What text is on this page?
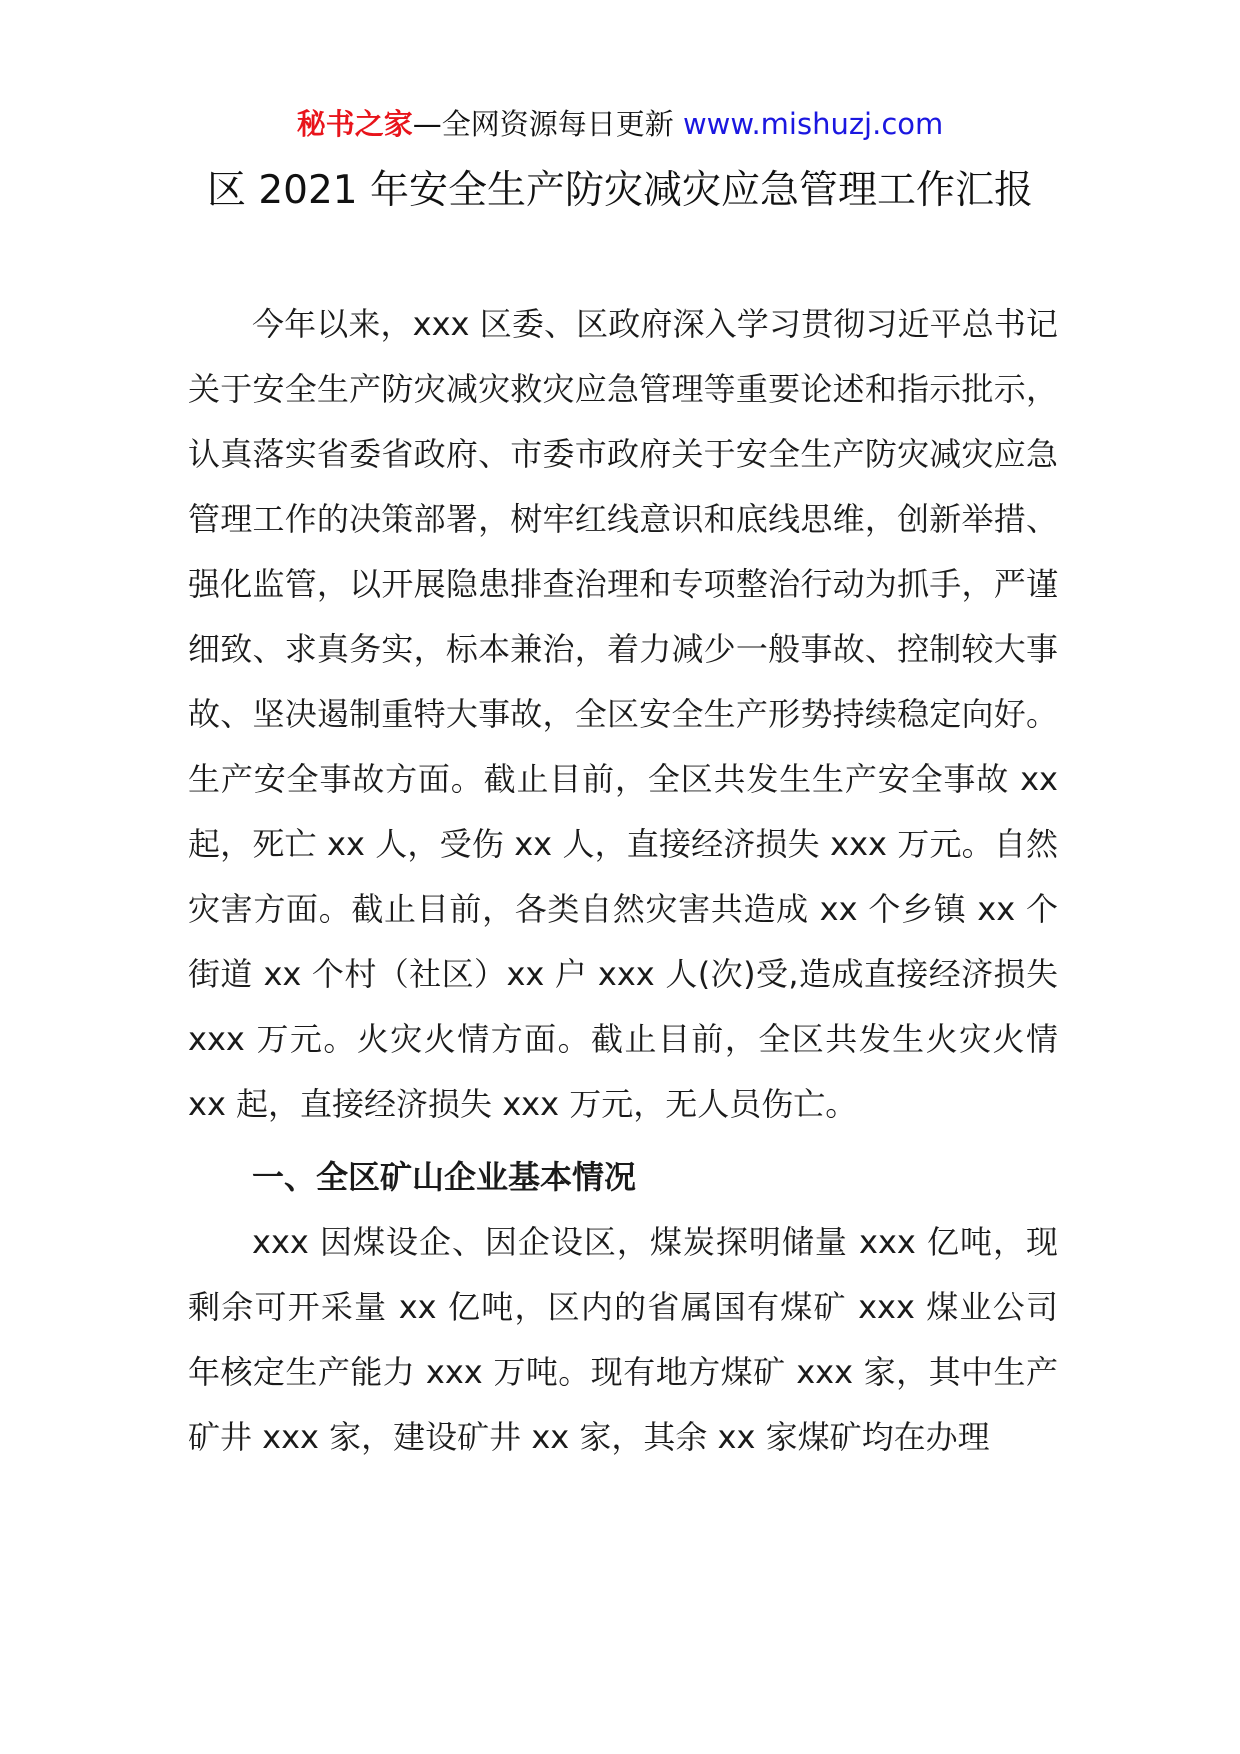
秘书之家—全网资源每日更新 www.mishuzj.com
区 2021 年安全生产防灾减灾应急管理工作汇报

今年以来，xxx 区委、区政府深入学习贯彻习近平总书记关于安全生产防灾减灾救灾应急管理等重要论述和指示批示，认真落实省委省政府、市委市政府关于安全生产防灾减灾应急管理工作的决策部署，树牢红线意识和底线思维，创新举措、强化监管，以开展隐患排查治理和专项整治行动为抓手，严谨细致、求真务实，标本兼治，着力减少一般事故、控制较大事故、坚决遏制重特大事故，全区安全生产形势持续稳定向好。生产安全事故方面。截止目前，全区共发生生产安全事故 xx 起，死亡 xx 人，受伤 xx 人，直接经济损失 xxx 万元。自然灾害方面。截止目前，各类自然灾害共造成 xx 个乡镇 xx 个街道 xx 个村（社区）xx 户 xxx 人(次)受,造成直接经济损失 xxx 万元。火灾火情方面。截止目前，全区共发生火灾火情 xx 起，直接经济损失 xxx 万元，无人员伤亡。

一、全区矿山企业基本情况

xxx 因煤设企、因企设区，煤炭探明储量 xxx 亿吨，现剩余可开采量 xx 亿吨，区内的省属国有煤矿 xxx 煤业公司年核定生产能力 xxx 万吨。现有地方煤矿 xxx 家，其中生产矿井 xxx 家，建设矿井 xx 家，其余 xx 家煤矿均在办理
